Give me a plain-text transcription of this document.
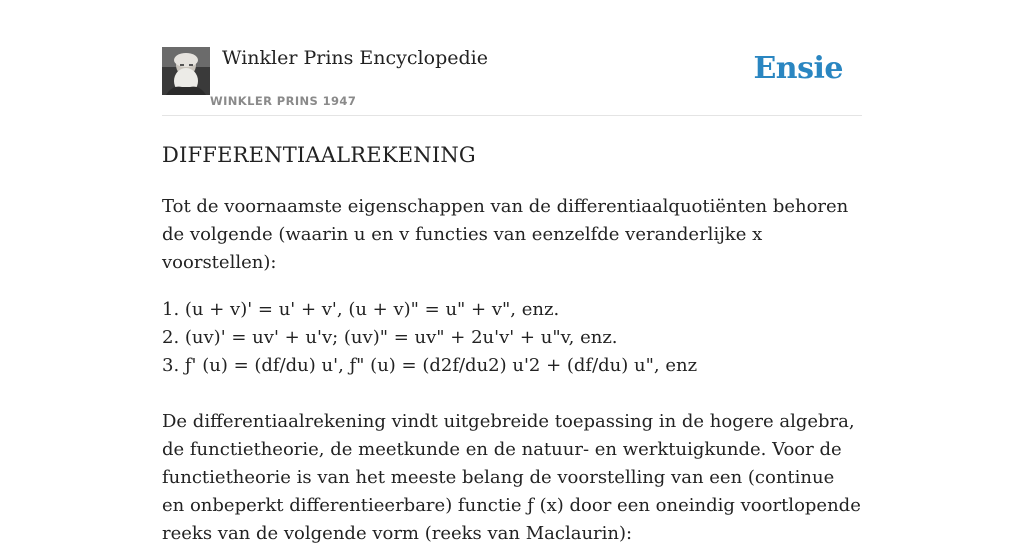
Winkler Prins Encyclopedie
WINKLER PRINS 1947
Ensie
DIFFERENTIAALREKENING

Tot de voornaamste eigenschappen van de differentiaalquotiënten behoren de volgende (waarin u en v functies van eenzelfde veranderlijke x voorstellen):

1. (u + v)' = u' + v', (u + v)" = u" + v", enz.
2. (uv)' = uv' + u'v; (uv)" = uv" + 2u'v' + u"v, enz.
3. ƒ' (u) = (df/du) u', ƒ" (u) = (d2f/du2) u'2 + (df/du) u", enz

De differentiaalrekening vindt uitgebreide toepassing in de hogere algebra, de functietheorie, de meetkunde en de natuur- en werktuigkunde. Voor de functietheorie is van het meeste belang de voorstelling van een (continue en onbeperkt differentieerbare) functie ƒ (x) door een oneindig voortlopende reeks van de volgende vorm (reeks van Maclaurin):
